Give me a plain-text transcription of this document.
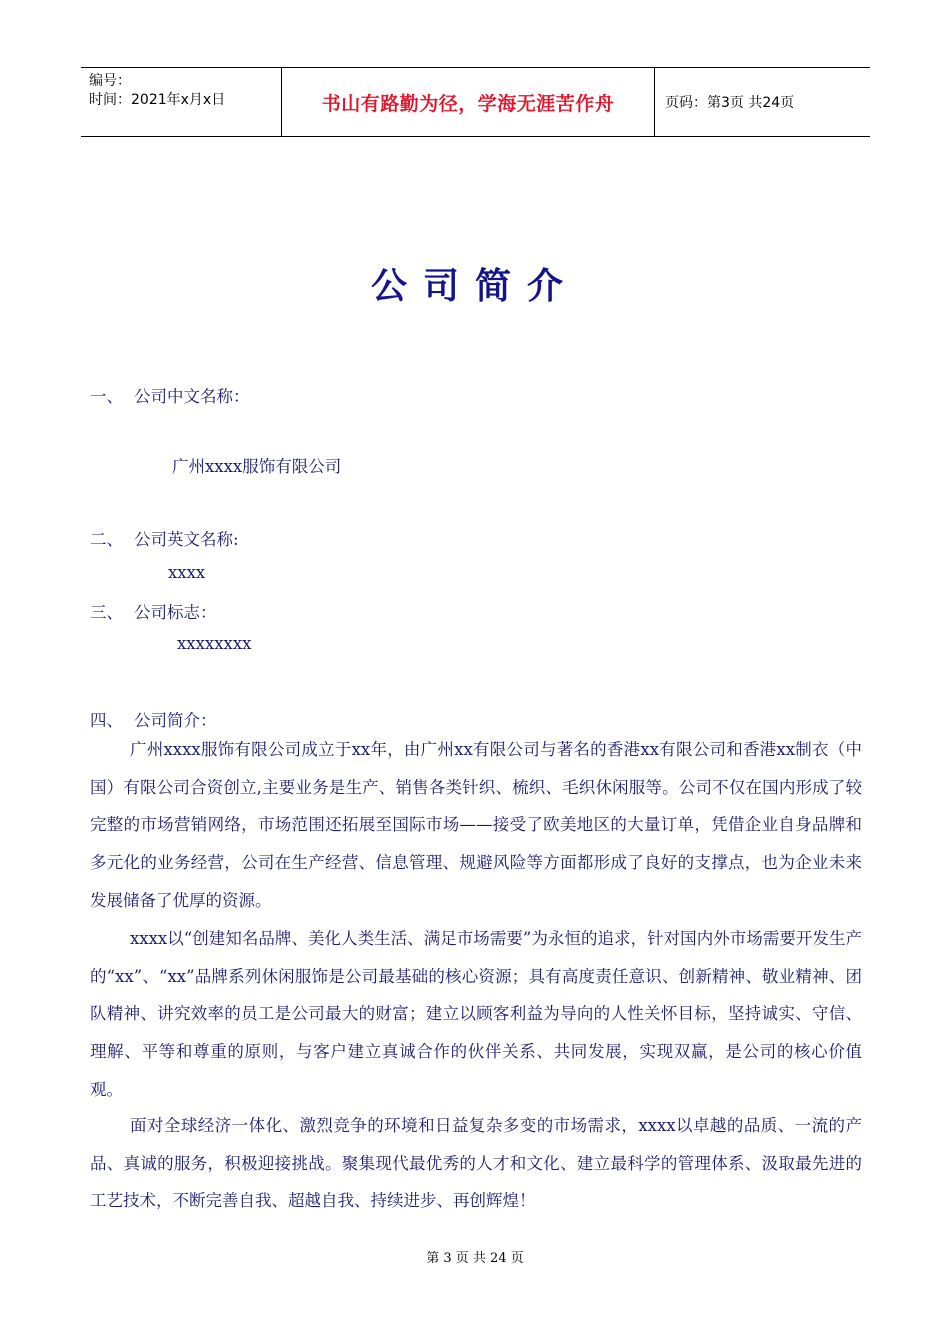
编号：
时间：2021年x月x日	书山有路勤为径，学海无涯苦作舟	页码：第3页 共24页
公司简介
一、 公司中文名称：
广州xxxx服饰有限公司
二、 公司英文名称:
xxxx
三、 公司标志：
xxxxxxxx
四、 公司简介：

广州xxxx服饰有限公司成立于xx年，由广州xx有限公司与著名的香港xx有限公司和香港xx制衣（中国）有限公司合资创立,主要业务是生产、销售各类针织、梳织、毛织休闲服等。公司不仅在国内形成了较完整的市场营销网络，市场范围还拓展至国际市场——接受了欧美地区的大量订单，凭借企业自身品牌和多元化的业务经营，公司在生产经营、信息管理、规避风险等方面都形成了良好的支撑点，也为企业未来发展储备了优厚的资源。

xxxx以“创建知名品牌、美化人类生活、满足市场需要”为永恒的追求，针对国内外市场需要开发生产的“xx”、“xx”品牌系列休闲服饰是公司最基础的核心资源；具有高度责任意识、创新精神、敬业精神、团队精神、讲究效率的员工是公司最大的财富；建立以顾客利益为导向的人性关怀目标，坚持诚实、守信、理解、平等和尊重的原则，与客户建立真诚合作的伙伴关系、共同发展，实现双赢，是公司的核心价值观。

面对全球经济一体化、激烈竞争的环境和日益复杂多变的市场需求，xxxx以卓越的品质、一流的产品、真诚的服务，积极迎接挑战。聚集现代最优秀的人才和文化、建立最科学的管理体系、汲取最先进的工艺技术，不断完善自我、超越自我、持续进步、再创辉煌！

第 3 页 共 24 页
